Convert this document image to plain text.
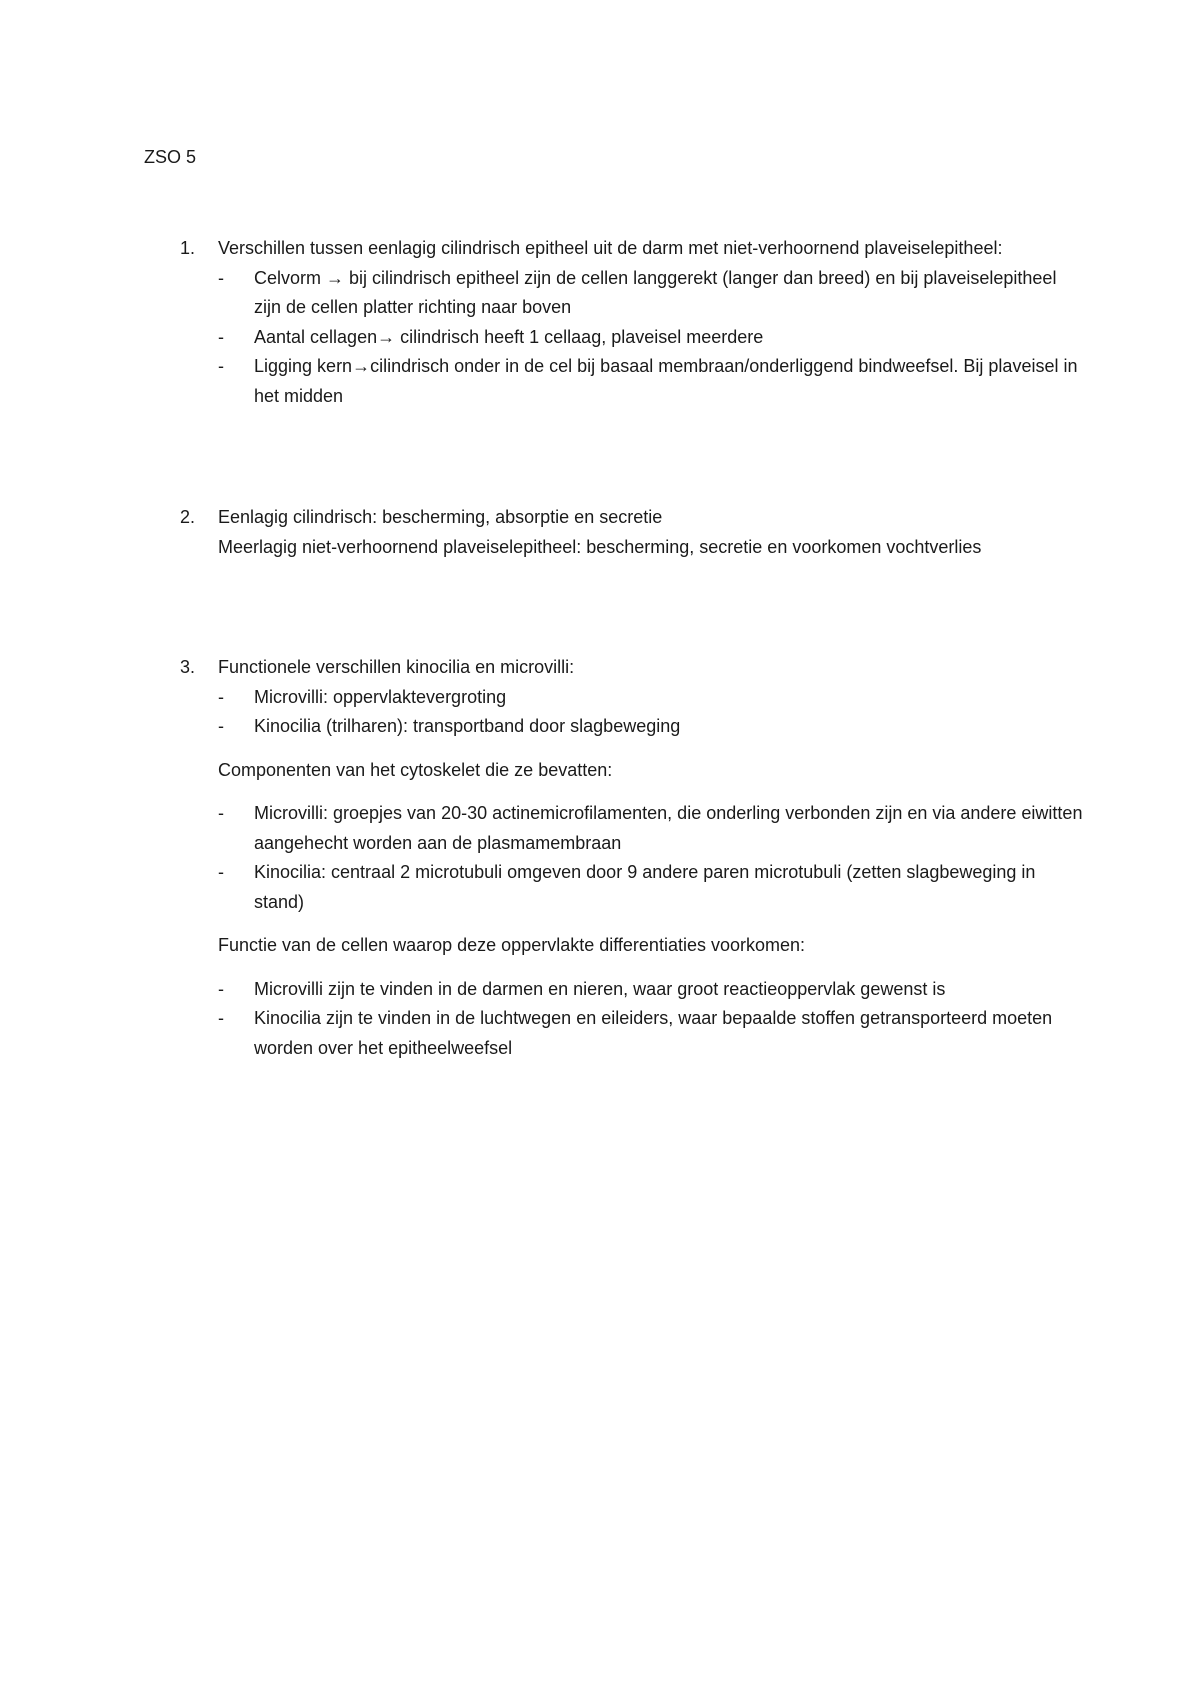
ZSO 5
1.	Verschillen tussen eenlagig cilindrisch epitheel uit de darm met niet-verhoornend plaveiselepitheel:
- Celvorm → bij cilindrisch epitheel zijn de cellen langgerekt (langer dan breed) en bij plaveiselepitheel zijn de cellen platter richting naar boven
- Aantal cellagen→ cilindrisch heeft 1 cellaag, plaveisel meerdere
- Ligging kern→cilindrisch onder in de cel bij basaal membraan/onderliggend bindweefsel. Bij plaveisel in het midden
2.	Eenlagig cilindrisch: bescherming, absorptie en secretie
Meerlagig niet-verhoornend plaveiselepitheel: bescherming, secretie en voorkomen vochtverlies
3.	Functionele verschillen kinocilia en microvilli:
- Microvilli: oppervlaktevergroting
- Kinocilia (trilharen): transportband door slagbeweging
Componenten van het cytoskelet die ze bevatten:
- Microvilli: groepjes van 20-30 actinemicrofilamenten, die onderling verbonden zijn en via andere eiwitten aangehecht worden aan de plasmamembraan
- Kinocilia: centraal 2 microtubuli omgeven door 9 andere paren microtubuli (zetten slagbeweging in stand)
Functie van de cellen waarop deze oppervlakte differentiaties voorkomen:
- Microvilli zijn te vinden in de darmen en nieren, waar groot reactieoppervlak gewenst is
- Kinocilia zijn te vinden in de luchtwegen en eileiders, waar bepaalde stoffen getransporteerd moeten worden over het epitheelweefsel
